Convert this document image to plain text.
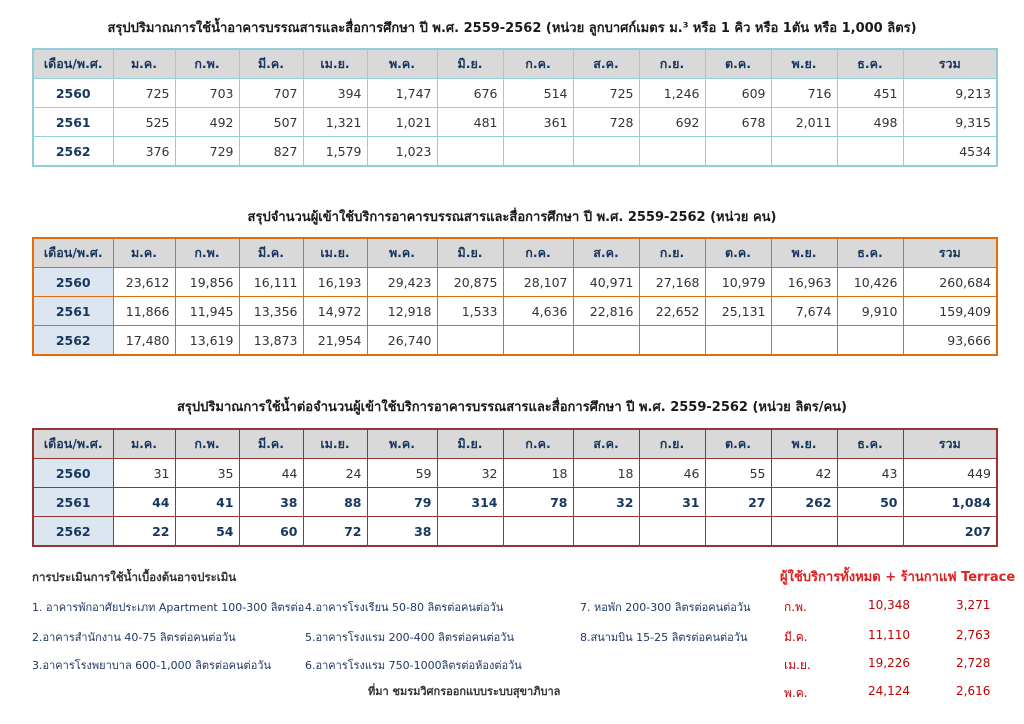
สรุปปริมาณการใช้น้ำอาคารบรรณสารและสื่อการศึกษา ปี พ.ศ. 2559-2562 (หน่วย ลูกบาศก์เมตร ม.³ หรือ 1 คิว หรือ 1ตัน หรือ 1,000 ลิตร)
เดือน/พ.ศ.	ม.ค.	ก.พ.	มี.ค.	เม.ย.	พ.ค.	มิ.ย.	ก.ค.	ส.ค.	ก.ย.	ต.ค.	พ.ย.	ธ.ค.	รวม
2560	725	703	707	394	1,747	676	514	725	1,246	609	716	451	9,213
2561	525	492	507	1,321	1,021	481	361	728	692	678	2,011	498	9,315
2562	376	729	827	1,579	1,023								4534
สรุปจำนวนผู้เข้าใช้บริการอาคารบรรณสารและสื่อการศึกษา ปี พ.ศ. 2559-2562 (หน่วย คน)
เดือน/พ.ศ.	ม.ค.	ก.พ.	มี.ค.	เม.ย.	พ.ค.	มิ.ย.	ก.ค.	ส.ค.	ก.ย.	ต.ค.	พ.ย.	ธ.ค.	รวม
2560	23,612	19,856	16,111	16,193	29,423	20,875	28,107	40,971	27,168	10,979	16,963	10,426	260,684
2561	11,866	11,945	13,356	14,972	12,918	1,533	4,636	22,816	22,652	25,131	7,674	9,910	159,409
2562	17,480	13,619	13,873	21,954	26,740								93,666
สรุปปริมาณการใช้น้ำต่อจำนวนผู้เข้าใช้บริการอาคารบรรณสารและสื่อการศึกษา ปี พ.ศ. 2559-2562 (หน่วย ลิตร/คน)
เดือน/พ.ศ.	ม.ค.	ก.พ.	มี.ค.	เม.ย.	พ.ค.	มิ.ย.	ก.ค.	ส.ค.	ก.ย.	ต.ค.	พ.ย.	ธ.ค.	รวม
2560	31	35	44	24	59	32	18	18	46	55	42	43	449
2561	44	41	38	88	79	314	78	32	31	27	262	50	1,084
2562	22	54	60	72	38								207
การประเมินการใช้น้ำเบื้องต้นอาจประเมิน
1. อาคารพักอาศัยประเภท Apartment 100-300 ลิตรต่อ 4.อาคารโรงเรียน 50-80 ลิตรต่อคนต่อวัน	7. หอพัก 200-300 ลิตรต่อคนต่อวัน
2.อาคารสำนักงาน 40-75 ลิตรต่อคนต่อวัน	5.อาคารโรงแรม 200-400 ลิตรต่อคนต่อวัน	8.สนามบิน 15-25 ลิตรต่อคนต่อวัน
3.อาคารโรงพยาบาล 600-1,000 ลิตรต่อคนต่อวัน	6.อาคารโรงแรม 750-1000ลิตรต่อห้องต่อวัน
ที่มา ชมรมวิศกรออกแบบระบบสุขาภิบาล
ผู้ใช้บริการทั้งหมด + ร้านกาแฟ Terrace
ก.พ.	10,348	3,271
มี.ค.	11,110	2,763
เม.ย.	19,226	2,728
พ.ค.	24,124	2,616
